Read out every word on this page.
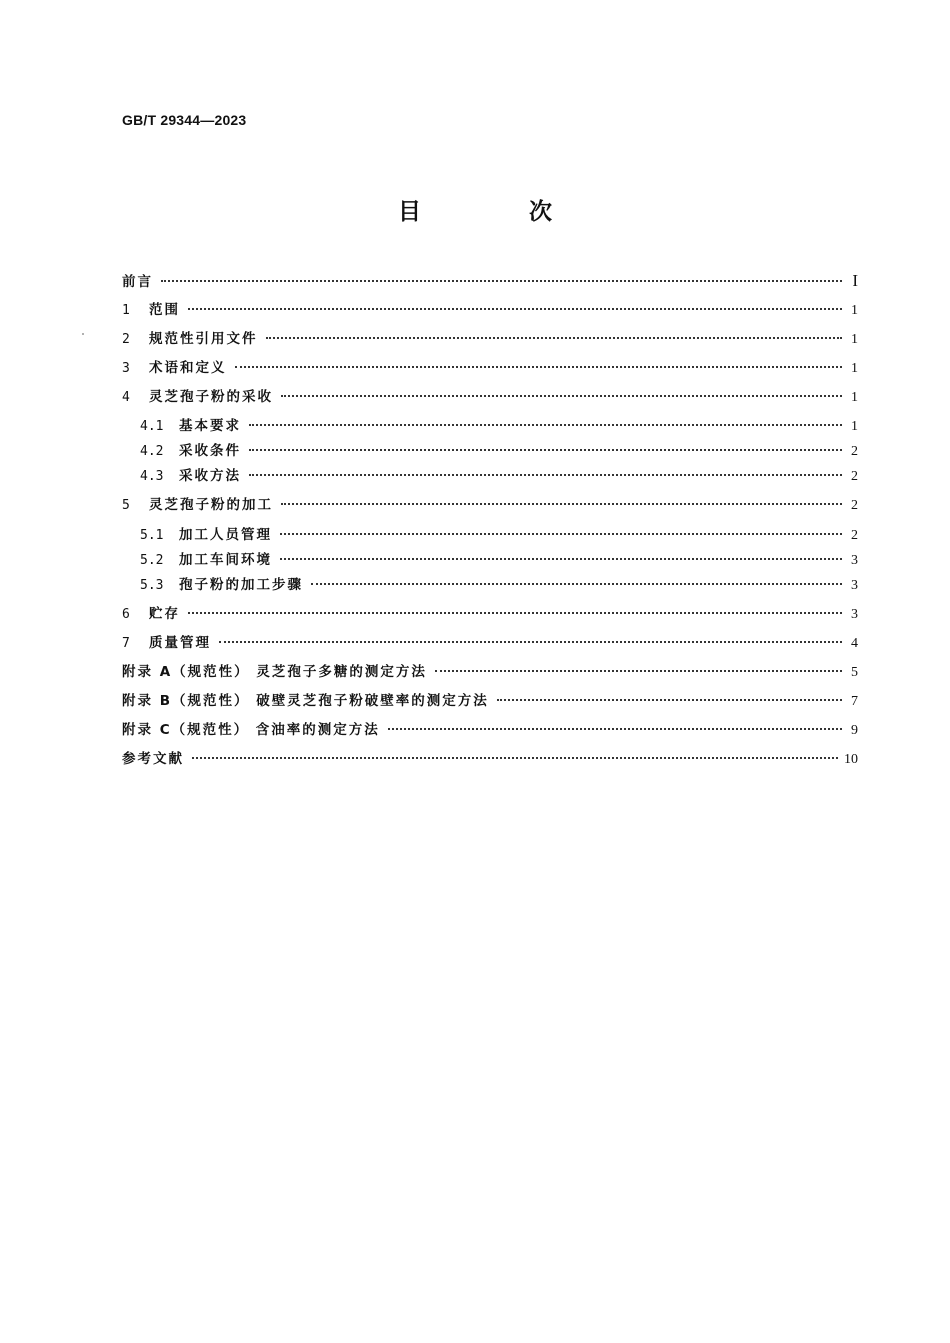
GB/T 29344—2023
目 次
前言	I
1	范围	1
2	规范性引用文件	1
3	术语和定义	1
4	灵芝孢子粉的采收	1
4.1	基本要求	1
4.2	采收条件	2
4.3	采收方法	2
5	灵芝孢子粉的加工	2
5.1	加工人员管理	2
5.2	加工车间环境	3
5.3	孢子粉的加工步骤	3
6	贮存	3
7	质量管理	4
附录 A（规范性） 灵芝孢子多糖的测定方法	5
附录 B（规范性） 破壁灵芝孢子粉破壁率的测定方法	7
附录 C（规范性） 含油率的测定方法	9
参考文献	10
